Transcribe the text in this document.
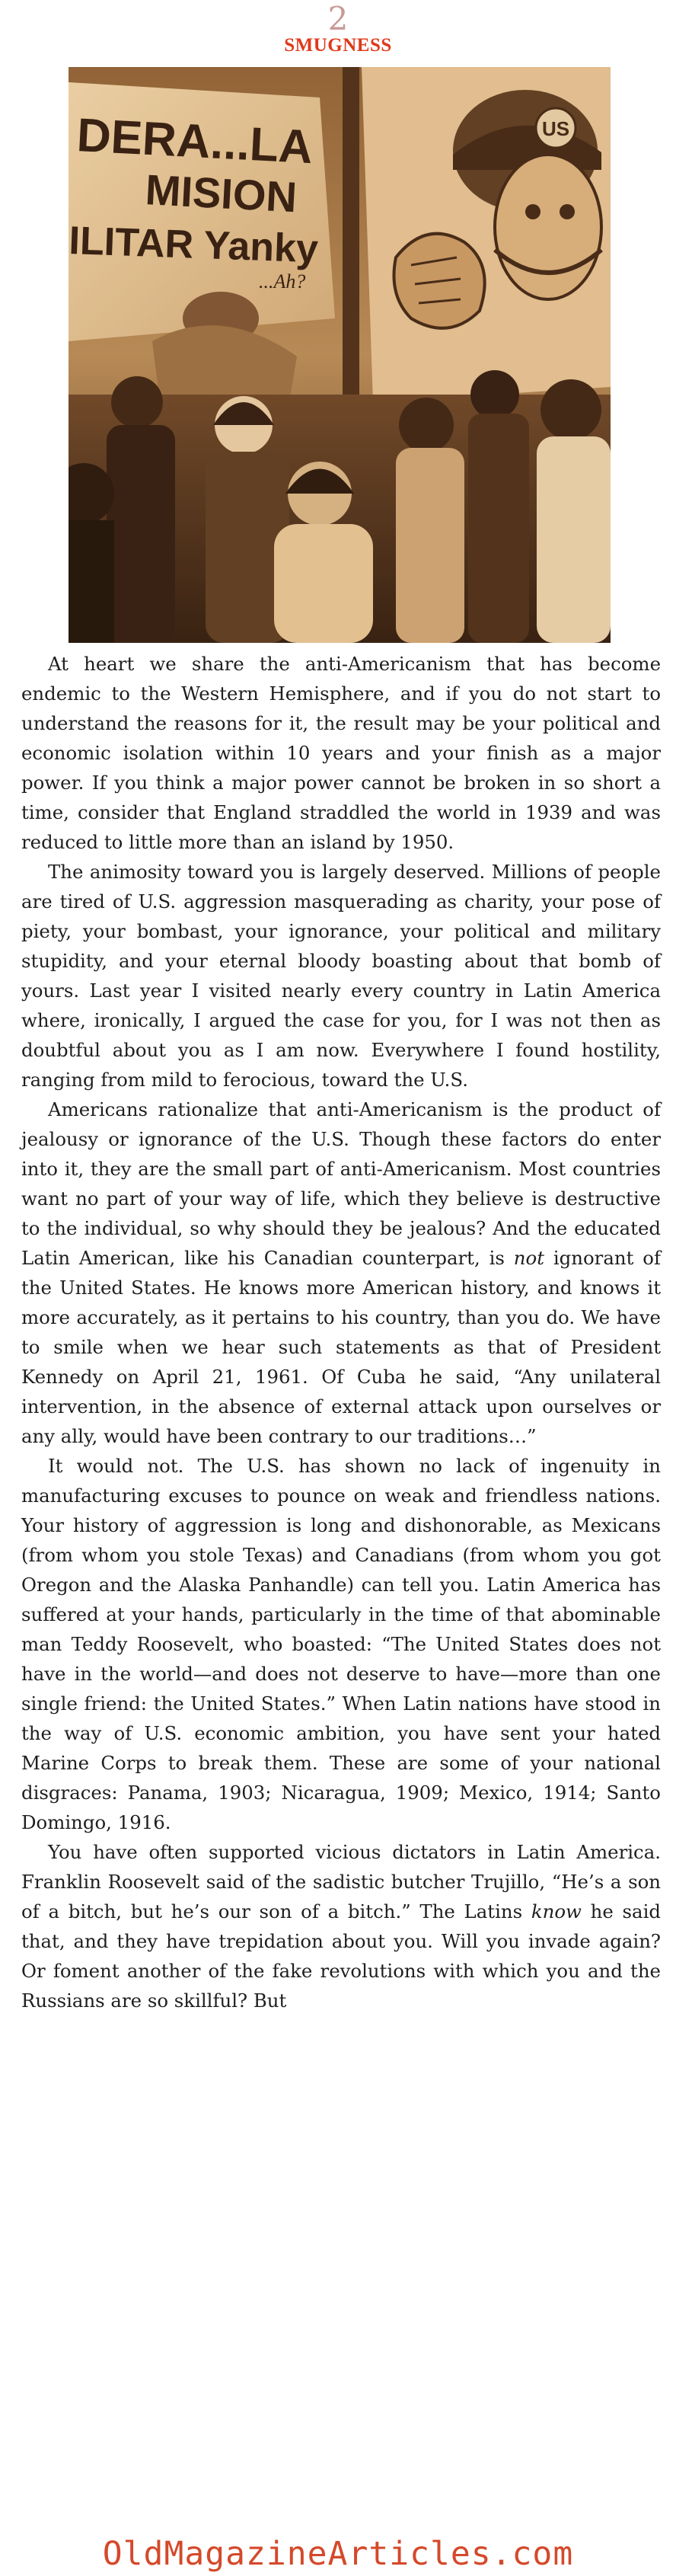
2
SMUGNESS
US
DERA...LA
MISION
ILITAR Yanky
...Ah?

At heart we share the anti-Americanism that has become endemic to the Western Hemisphere, and if you do not start to understand the reasons for it, the result may be your political and economic isolation within 10 years and your finish as a major power. If you think a major power cannot be broken in so short a time, consider that England straddled the world in 1939 and was reduced to little more than an island by 1950.

The animosity toward you is largely deserved. Millions of people are tired of U.S. aggression masquerading as charity, your pose of piety, your bombast, your ignorance, your political and military stupidity, and your eternal bloody boasting about that bomb of yours. Last year I visited nearly every country in Latin America where, ironically, I argued the case for you, for I was not then as doubtful about you as I am now. Everywhere I found hostility, ranging from mild to ferocious, toward the U.S.

Americans rationalize that anti-Americanism is the product of jealousy or ignorance of the U.S. Though these factors do enter into it, they are the small part of anti-Americanism. Most countries want no part of your way of life, which they believe is destructive to the individual, so why should they be jealous? And the educated Latin American, like his Canadian counterpart, is not ignorant of the United States. He knows more American history, and knows it more accurately, as it pertains to his country, than you do. We have to smile when we hear such statements as that of President Kennedy on April 21, 1961. Of Cuba he said, “Any unilateral intervention, in the absence of external attack upon ourselves or any ally, would have been contrary to our traditions…”

It would not. The U.S. has shown no lack of ingenuity in manufacturing excuses to pounce on weak and friendless nations. Your history of aggression is long and dishonorable, as Mexicans (from whom you stole Texas) and Canadians (from whom you got Oregon and the Alaska Panhandle) can tell you. Latin America has suffered at your hands, particularly in the time of that abominable man Teddy Roosevelt, who boasted: “The United States does not have in the world—and does not deserve to have—more than one single friend: the United States.” When Latin nations have stood in the way of U.S. economic ambition, you have sent your hated Marine Corps to break them. These are some of your national disgraces: Panama, 1903; Nicaragua, 1909; Mexico, 1914; Santo Domingo, 1916.

You have often supported vicious dictators in Latin America. Franklin Roosevelt said of the sadistic butcher Trujillo, “He’s a son of a bitch, but he’s our son of a bitch.” The Latins know he said that, and they have trepidation about you. Will you invade again? Or foment another of the fake revolutions with which you and the Russians are so skillful? But

OldMagazineArticles.com
